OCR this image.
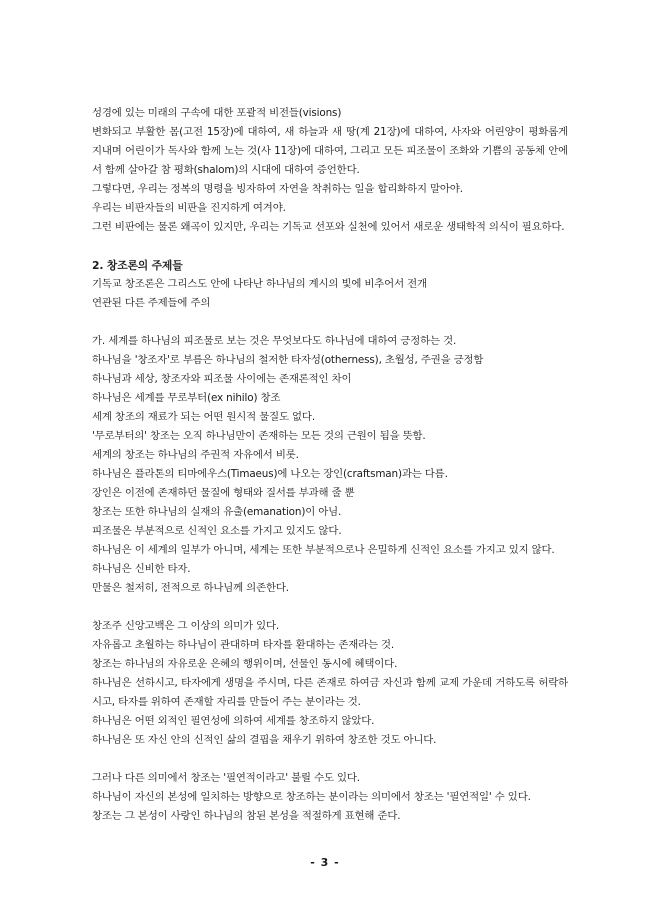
성경에 있는 미래의 구속에 대한 포괄적 비전들(visions)
변화되고 부활한 몸(고전 15장)에 대하여, 새 하늘과 새 땅(계 21장)에 대하여, 사자와 어린양이 평화롭게 지내며 어린이가 독사와 함께 노는 것(사 11장)에 대하여, 그리고 모든 피조물이 조화와 기쁨의 공동체 안에서 함께 살아갈 참 평화(shalom)의 시대에 대하여 증언한다.
그렇다면, 우리는 정복의 명령을 빙자하여 자연을 착취하는 일을 합리화하지 말아야.
우리는 비판자들의 비판을 진지하게 여겨야.
그런 비판에는 물론 왜곡이 있지만, 우리는 기독교 선포와 실천에 있어서 새로운 생태학적 의식이 필요하다.
2. 창조론의 주제들
기독교 창조론은 그리스도 안에 나타난 하나님의 계시의 빛에 비추어서 전개
연관된 다른 주제들에 주의
가. 세계를 하나님의 피조물로 보는 것은 무엇보다도 하나님에 대하여 긍정하는 것.
하나님을 '창조자'로 부름은 하나님의 철저한 타자성(otherness), 초월성, 주권을 긍정함
하나님과 세상, 창조자와 피조물 사이에는 존재론적인 차이
하나님은 세계를 무로부터(ex nihilo) 창조
세계 창조의 재료가 되는 어떤 원시적 물질도 없다.
'무로부터의' 창조는 오직 하나님만이 존재하는 모든 것의 근원이 됨을 뜻함.
세계의 창조는 하나님의 주권적 자유에서 비롯.
하나님은 플라톤의 티마에우스(Timaeus)에 나오는 장인(craftsman)과는 다름.
장인은 이전에 존재하던 물질에 형태와 질서를 부과해 줄 뿐
창조는 또한 하나님의 실재의 유출(emanation)이 아님.
피조물은 부분적으로 신적인 요소를 가지고 있지도 않다.
하나님은 이 세계의 일부가 아니며, 세계는 또한 부분적으로나 은밀하게 신적인 요소를 가지고 있지 않다.
하나님은 신비한 타자.
만물은 철저히, 전적으로 하나님께 의존한다.
창조주 신앙고백은 그 이상의 의미가 있다.
자유롭고 초월하는 하나님이 관대하며 타자를 환대하는 존재라는 것.
창조는 하나님의 자유로운 은혜의 행위이며, 선물인 동시에 혜택이다.
하나님은 선하시고, 타자에게 생명을 주시며, 다른 존재로 하여금 자신과 함께 교제 가운데 거하도록 허락하시고, 타자를 위하여 존재할 자리를 만들어 주는 분이라는 것.
하나님은 어떤 외적인 필연성에 의하여 세계를 창조하지 않았다.
하나님은 또 자신 안의 신적인 삶의 결핍을 채우기 위하여 창조한 것도 아니다.
그러나 다른 의미에서 창조는 '필연적이라고' 불릴 수도 있다.
하나님이 자신의 본성에 일치하는 방향으로 창조하는 분이라는 의미에서 창조는 '필연적일' 수 있다.
창조는 그 본성이 사랑인 하나님의 참된 본성을 적절하게 표현해 준다.
- 3 -
